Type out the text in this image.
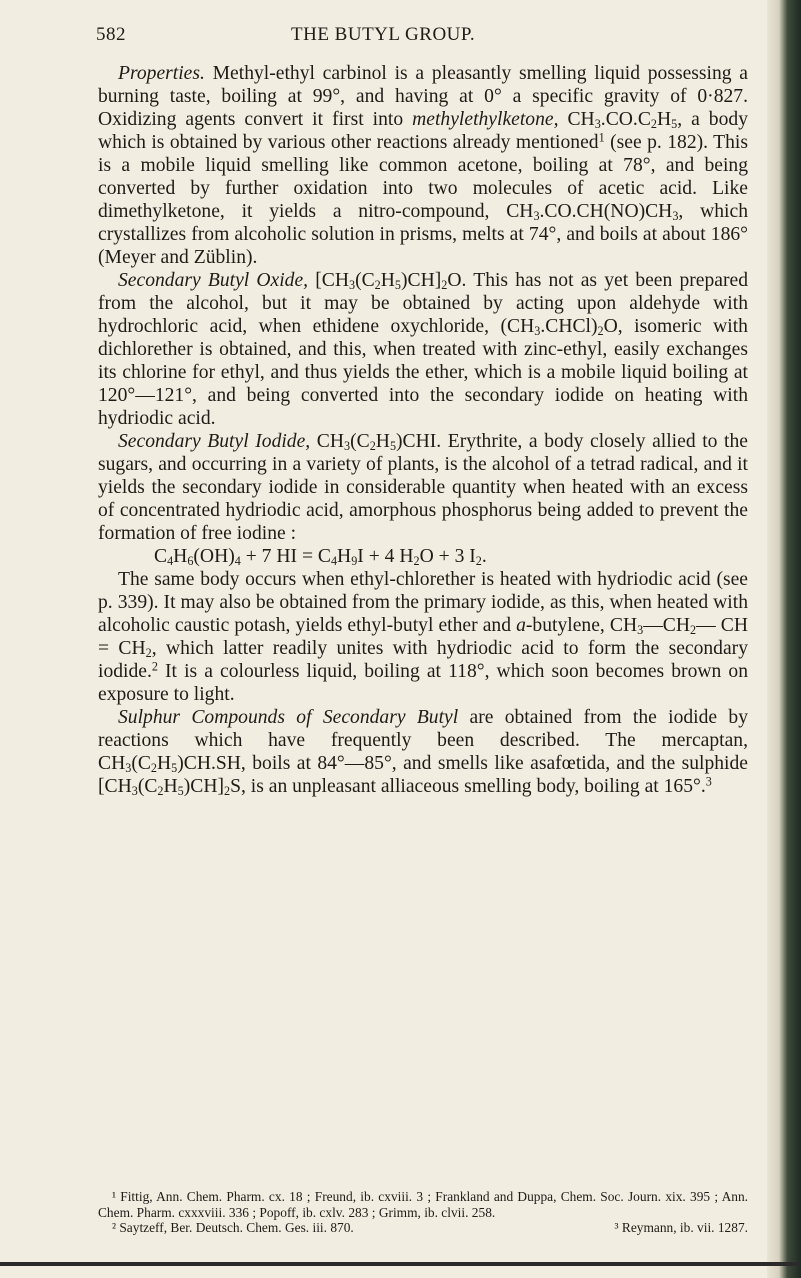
582	THE BUTYL GROUP.

Properties. Methyl-ethyl carbinol is a pleasantly smelling liquid possessing a burning taste, boiling at 99°, and having at 0° a specific gravity of 0·827. Oxidizing agents convert it first into methylethylketone, $CH_3.CO.C_2H_5$, a body which is obtained by various other reactions already mentioned$^1$ (see p. 182). This is a mobile liquid smelling like common acetone, boiling at 78°, and being converted by further oxidation into two molecules of acetic acid. Like dimethylketone, it yields a nitro-compound, $CH_3.CO.CH(NO)CH_3$, which crystallizes from alcoholic solution in prisms, melts at 74°, and boils at about 186° (Meyer and Züblin).

Secondary Butyl Oxide, $[CH_3(C_2H_5)CH]_2O$. This has not as yet been prepared from the alcohol, but it may be obtained by acting upon aldehyde with hydrochloric acid, when ethidene oxychloride, $(CH_3.CHCl)_2O$, isomeric with dichlorether is obtained, and this, when treated with zinc-ethyl, easily exchanges its chlorine for ethyl, and thus yields the ether, which is a mobile liquid boiling at 120°—121°, and being converted into the secondary iodide on heating with hydriodic acid.

Secondary Butyl Iodide, $CH_3(C_2H_5)CHI$. Erythrite, a body closely allied to the sugars, and occurring in a variety of plants, is the alcohol of a tetrad radical, and it yields the secondary iodide in considerable quantity when heated with an excess of concentrated hydriodic acid, amorphous phosphorus being added to prevent the formation of free iodine :

$C_4H_6(OH)_4 + 7$ HI = $C_4H_9I + 4$ $H_2O + 3$ $I_2$.

The same body occurs when ethyl-chlorether is heated with hydriodic acid (see p. 339). It may also be obtained from the primary iodide, as this, when heated with alcoholic caustic potash, yields ethyl-butyl ether and a-butylene, $CH_3—CH_2—$ CH = $CH_2$, which latter readily unites with hydriodic acid to form the secondary iodide.$^2$ It is a colourless liquid, boiling at 118°, which soon becomes brown on exposure to light.

Sulphur Compounds of Secondary Butyl are obtained from the iodide by reactions which have frequently been described. The mercaptan, $CH_3(C_2H_5)CH.SH$, boils at 84°—85°, and smells like asafœtida, and the sulphide $[CH_3(C_2H_5)CH]_2S$, is an unpleasant alliaceous smelling body, boiling at 165°.$^3$

¹ Fittig, Ann. Chem. Pharm. cx. 18 ; Freund, ib. cxviii. 3 ; Frankland and Duppa, Chem. Soc. Journ. xix. 395 ; Ann. Chem. Pharm. cxxxviii. 336 ; Popoff, ib. cxlv. 283 ; Grimm, ib. clvii. 258.

² Saytzeff, Ber. Deutsch. Chem. Ges. iii. 870.	³ Reymann, ib. vii. 1287.
